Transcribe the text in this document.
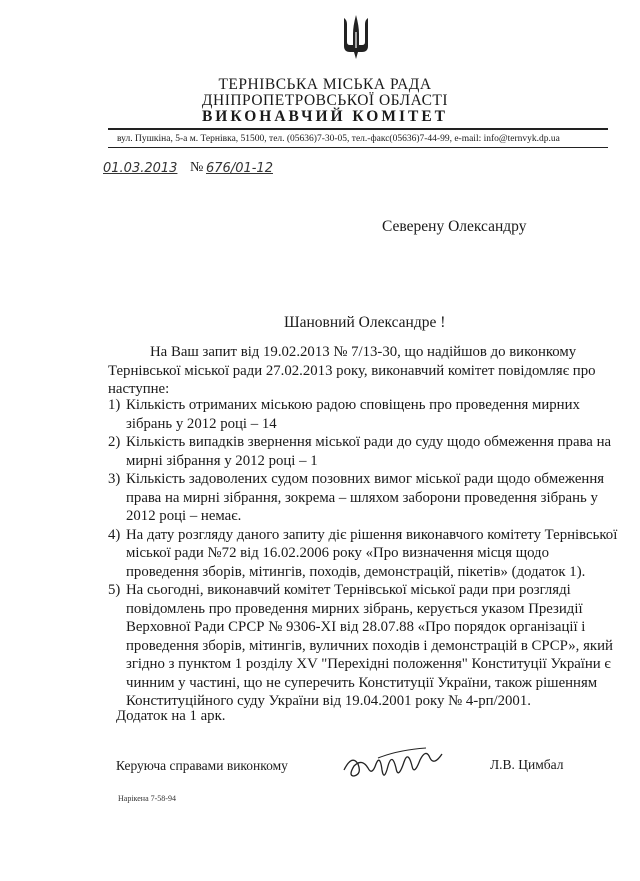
ТЕРНІВСЬКА МІСЬКА РАДА
ДНІПРОПЕТРОВСЬКОЇ ОБЛАСТІ
ВИКОНАВЧИЙ КОМІТЕТ
вул. Пушкіна, 5-а м. Тернівка, 51500, тел. (05636)7-30-05, тел.-факс(05636)7-44-99, e-mail: info@ternvyk.dp.ua
01.03.2013 № 676/01-12
Северену Олександру
Шановний Олександре !
На Ваш запит від 19.02.2013 № 7/13-30, що надійшов до виконкому Тернівської міської ради 27.02.2013 року, виконавчий комітет повідомляє про наступне:
1) Кількість отриманих міською радою сповіщень про проведення мирних зібрань у 2012 році – 14
2) Кількість випадків звернення міської ради до суду щодо обмеження права на мирні зібрання у 2012 році – 1
3) Кількість задоволених судом позовних вимог міської ради щодо обмеження права на мирні зібрання, зокрема – шляхом заборони проведення зібрань у 2012 році – немає.
4) На дату розгляду даного запиту діє рішення виконавчого комітету Тернівської міської ради №72 від 16.02.2006 року «Про визначення місця щодо проведення зборів, мітингів, походів, демонстрацій, пікетів» (додаток 1).
5) На сьогодні, виконавчий комітет Тернівської міської ради при розгляді повідомлень про проведення мирних зібрань, керується указом Президії Верховної Ради СРСР № 9306-XI від 28.07.88 «Про порядок організації і проведення зборів, мітингів, вуличних походів і демонстрацій в СРСР», який згідно з пунктом 1 розділу XV "Перехідні положення" Конституції України є чинним у частині, що не суперечить Конституції України, також рішенням Конституційного суду України від 19.04.2001 року № 4-рп/2001.
Додаток на 1 арк.
Керуюча справами виконкому	Л.В. Цимбал
Нарікена 7-58-94
